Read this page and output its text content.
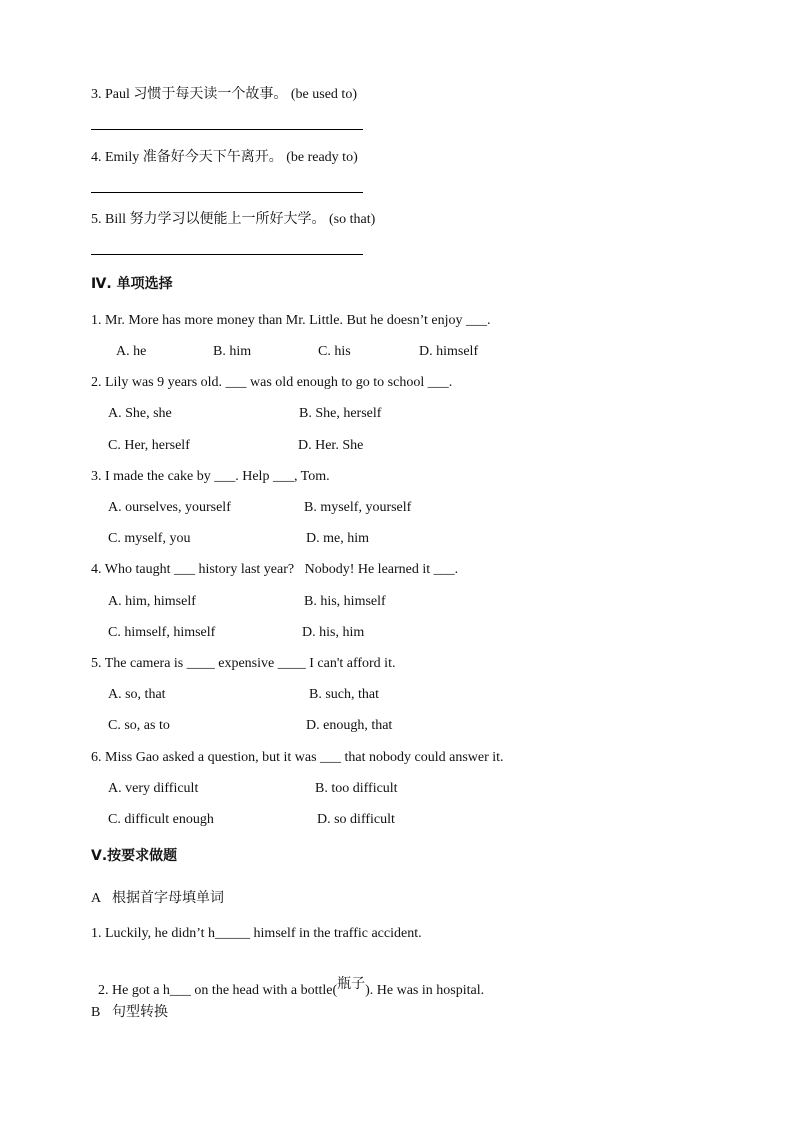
3. Paul 习惯于每天读一个故事。 (be used to)
4. Emily 准备好今天下午离开。 (be ready to)
5. Bill 努力学习以便能上一所好大学。 (so that)
Ⅳ. 单项选择
1. Mr. More has more money than Mr. Little. But he doesn’t enjoy ___.
A. he	B. him	C. his	D. himself
2. Lily was 9 years old. ___ was old enough to go to school ___.
A. She, she	B. She, herself
C. Her, herself	D. Her. She
3. I made the cake by ___. Help ___, Tom.
A. ourselves, yourself	B. myself, yourself
C. myself, you	D. me, him
4. Who taught ___ history last year?   Nobody! He learned it ___.
A. him, himself	B. his, himself
C. himself, himself	D. his, him
5. The camera is ____ expensive ____ I can't afford it.
A. so, that	B. such, that
C. so, as to	D. enough, that
6. Miss Gao asked a question, but it was ___ that nobody could answer it.
A. very difficult	B. too difficult
C. difficult enough	D. so difficult
Ⅴ.按要求做题
A 根据首字母填单词
1. Luckily, he didn’t h_____ himself in the traffic accident.

2. He got a h___ on the head with a bottle(瓶子). He was in hospital.

B 句型转换
